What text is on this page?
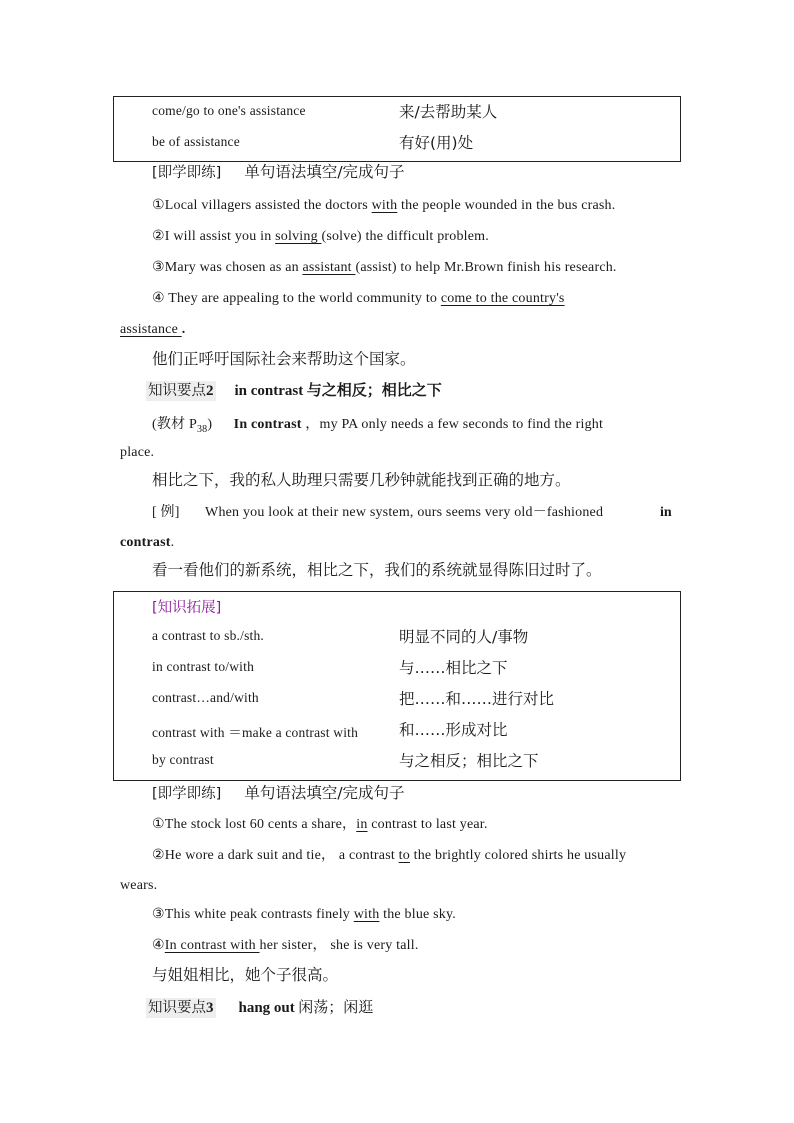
come/go to one's assistance	来/去帮助某人
be of assistance	有好(用)处
[即学即练] 单句语法填空/完成句子
①Local villagers assisted the doctors with the people wounded in the bus crash.
②I will assist you in solving (solve) the difficult problem.
③Mary was chosen as an assistant (assist) to help Mr.Brown finish his research.
④ They are appealing to the world community to come to the country's
assistance .
他们正呼吁国际社会来帮助这个国家。
知识要点2 in contrast 与之相反；相比之下
(教材 $P_{38}$) In contrast ，my PA only needs a few seconds to find the right
place.
相比之下，我的私人助理只需要几秒钟就能找到正确的地方。
[ 例] When you look at their new system, ours seems very old－fashioned	in
contrast.
看一看他们的新系统，相比之下，我们的系统就显得陈旧过时了。
[知识拓展]
a contrast to sb./sth.	明显不同的人/事物
in contrast to/with	与……相比之下
contrast…and/with	把……和……进行对比
contrast with ＝make a contrast with	和……形成对比
by contrast	与之相反；相比之下
[即学即练] 单句语法填空/完成句子
①The stock lost 60 cents a share，in contrast to last year.
②He wore a dark suit and tie， a contrast to the brightly colored shirts he usually
wears.
③This white peak contrasts finely with the blue sky.
④In contrast with her sister， she is very tall.
与姐姐相比，她个子很高。
知识要点3 hang out 闲荡；闲逛
